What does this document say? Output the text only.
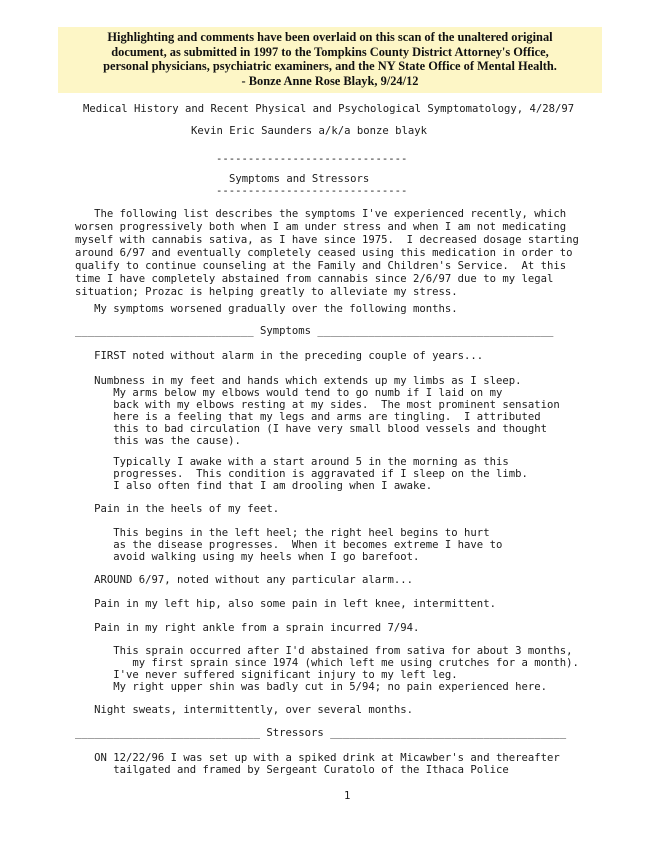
Highlighting and comments have been overlaid on this scan of the unaltered original
document, as submitted in 1997 to the Tompkins County District Attorney's Office,
personal physicians, psychiatric examiners, and the NY State Office of Mental Health.
- Bonze Anne Rose Blayk, 9/24/12
Medical History and Recent Physical and Psychological Symptomatology, 4/28/97
Kevin Eric Saunders a/k/a bonze blayk
------------------------------
Symptoms and Stressors
------------------------------
The following list describes the symptoms I've experienced recently, which
worsen progressively both when I am under stress and when I am not medicating
myself with cannabis sativa, as I have since 1975.  I decreased dosage starting
around 6/97 and eventually completely ceased using this medication in order to
qualify to continue counseling at the Family and Children's Service.  At this
time I have completely abstained from cannabis since 2/6/97 due to my legal
situation; Prozac is helping greatly to alleviate my stress.
My symptoms worsened gradually over the following months.
____________________________ Symptoms _____________________________________
FIRST noted without alarm in the preceding couple of years...
Numbness in my feet and hands which extends up my limbs as I sleep.
My arms below my elbows would tend to go numb if I laid on my
back with my elbows resting at my sides.  The most prominent sensation
here is a feeling that my legs and arms are tingling.  I attributed
this to bad circulation (I have very small blood vessels and thought
this was the cause).
Typically I awake with a start around 5 in the morning as this
progresses.  This condition is aggravated if I sleep on the limb.
I also often find that I am drooling when I awake.
Pain in the heels of my feet.
This begins in the left heel; the right heel begins to hurt
as the disease progresses.  When it becomes extreme I have to
avoid walking using my heels when I go barefoot.
AROUND 6/97, noted without any particular alarm...
Pain in my left hip, also some pain in left knee, intermittent.
Pain in my right ankle from a sprain incurred 7/94.
This sprain occurred after I'd abstained from sativa for about 3 months,
my first sprain since 1974 (which left me using crutches for a month).
I've never suffered significant injury to my left leg.
My right upper shin was badly cut in 5/94; no pain experienced here.
Night sweats, intermittently, over several months.
_____________________________ Stressors _____________________________________
ON 12/22/96 I was set up with a spiked drink at Micawber's and thereafter
tailgated and framed by Sergeant Curatolo of the Ithaca Police
1
